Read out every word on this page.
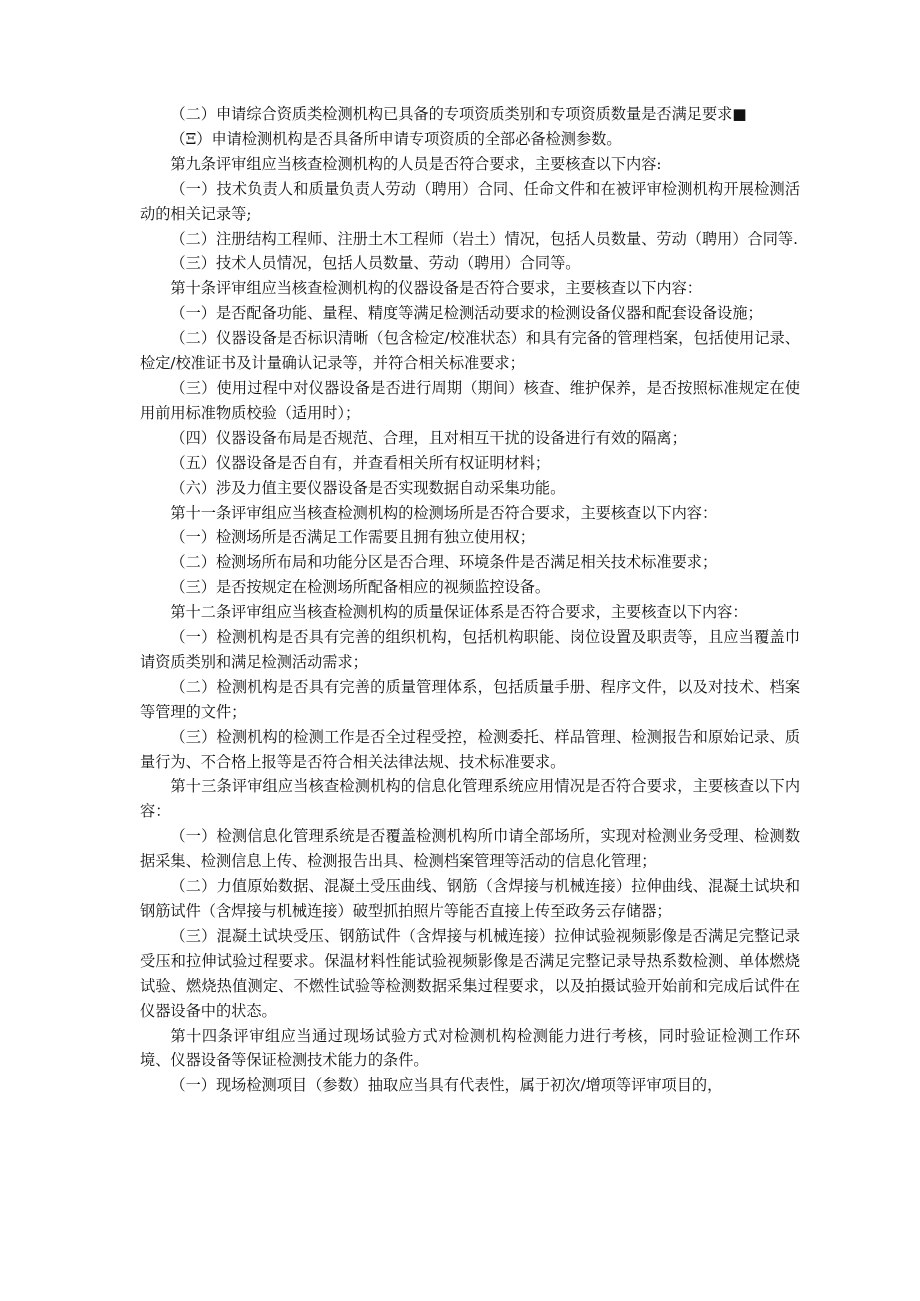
（二）申请综合资质类检测机构已具备的专项资质类别和专项资质数量是否满足要求■

（Ξ）申请检测机构是否具备所申请专项资质的全部必备检测参数。

第九条评审组应当核查检测机构的人员是否符合要求，主要核查以下内容:

（一）技术负责人和质量负责人劳动（聘用）合同、任命文件和在被评审检测机构开展检测活动的相关记录等;

（二）注册结构工程师、注册土木工程师（岩土）情况，包括人员数量、劳动（聘用）合同等.

（三）技术人员情况，包括人员数量、劳动（聘用）合同等。

第十条评审组应当核查检测机构的仪器设备是否符合要求，主要核查以下内容：

（一）是否配备功能、量程、精度等满足检测活动要求的检测设备仪器和配套设备设施；

（二）仪器设备是否标识清晰（包含检定/校准状态）和具有完备的管理档案，包括使用记录、检定/校准证书及计量确认记录等，并符合相关标准要求；

（三）使用过程中对仪器设备是否进行周期（期间）核查、维护保养，是否按照标准规定在使用前用标准物质校验（适用时）；

（四）仪器设备布局是否规范、合理，且对相互干扰的设备进行有效的隔离；

（五）仪器设备是否自有，并查看相关所有权证明材料；

（六）涉及力值主要仪器设备是否实现数据自动采集功能。

第十一条评审组应当核查检测机构的检测场所是否符合要求，主要核查以下内容：

（一）检测场所是否满足工作需要且拥有独立使用权；

（二）检测场所布局和功能分区是否合理、环境条件是否满足相关技术标准要求；

（三）是否按规定在检测场所配备相应的视频监控设备。

第十二条评审组应当核查检测机构的质量保证体系是否符合要求，主要核查以下内容：

（一）检测机构是否具有完善的组织机构，包括机构职能、岗位设置及职责等，且应当覆盖巾请资质类别和满足检测活动需求；

（二）检测机构是否具有完善的质量管理体系，包括质量手册、程序文件，以及对技术、档案等管理的文件；

（三）检测机构的检测工作是否全过程受控，检测委托、样品管理、检测报告和原始记录、质量行为、不合格上报等是否符合相关法律法规、技术标准要求。

第十三条评审组应当核查检测机构的信息化管理系统应用情况是否符合要求，主要核查以下内容：

（一）检测信息化管理系统是否覆盖检测机构所巾请全部场所，实现对检测业务受理、检测数据采集、检测信息上传、检测报告出具、检测档案管理等活动的信息化管理；

（二）力值原始数据、混凝土受压曲线、钢筋（含焊接与机械连接）拉伸曲线、混凝土试块和钢筋试件（含焊接与机械连接）破型抓拍照片等能否直接上传至政务云存储器；

（三）混凝土试块受压、钢筋试件（含焊接与机械连接）拉伸试验视频影像是否满足完整记录受压和拉伸试验过程要求。保温材料性能试验视频影像是否满足完整记录导热系数检测、单体燃烧试验、燃烧热值测定、不燃性试验等检测数据采集过程要求，以及拍摄试验开始前和完成后试件在仪器设备中的状态。

第十四条评审组应当通过现场试验方式对检测机构检测能力进行考核，同时验证检测工作环境、仪器设备等保证检测技术能力的条件。

（一）现场检测项目（参数）抽取应当具有代表性，属于初次/增项等评审项目的，
